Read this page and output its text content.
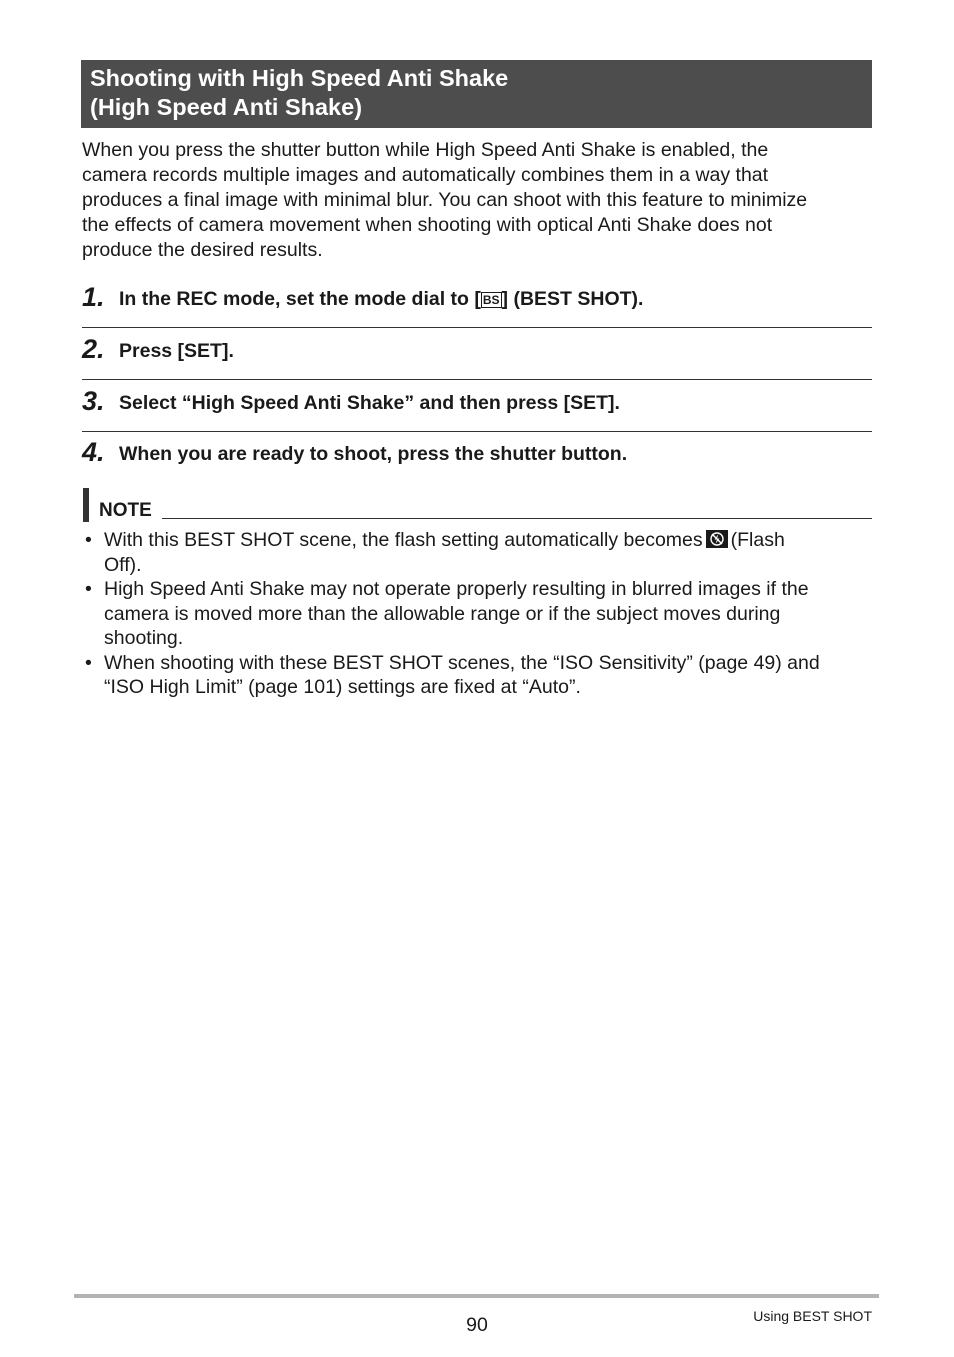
Shooting with High Speed Anti Shake
(High Speed Anti Shake)

When you press the shutter button while High Speed Anti Shake is enabled, the
camera records multiple images and automatically combines them in a way that
produces a final image with minimal blur. You can shoot with this feature to minimize
the effects of camera movement when shooting with optical Anti Shake does not
produce the desired results.

1. In the REC mode, set the mode dial to [ BS ] (BEST SHOT).
2. Press [SET].
3. Select “High Speed Anti Shake” and then press [SET].
4. When you are ready to shoot, press the shutter button.
NOTE
• With this BEST SHOT scene, the flash setting automatically becomes (Flash
Off).
• High Speed Anti Shake may not operate properly resulting in blurred images if the
camera is moved more than the allowable range or if the subject moves during
shooting.
• When shooting with these BEST SHOT scenes, the “ISO Sensitivity” (page 49) and
“ISO High Limit” (page 101) settings are fixed at “Auto”.
90	Using BEST SHOT
